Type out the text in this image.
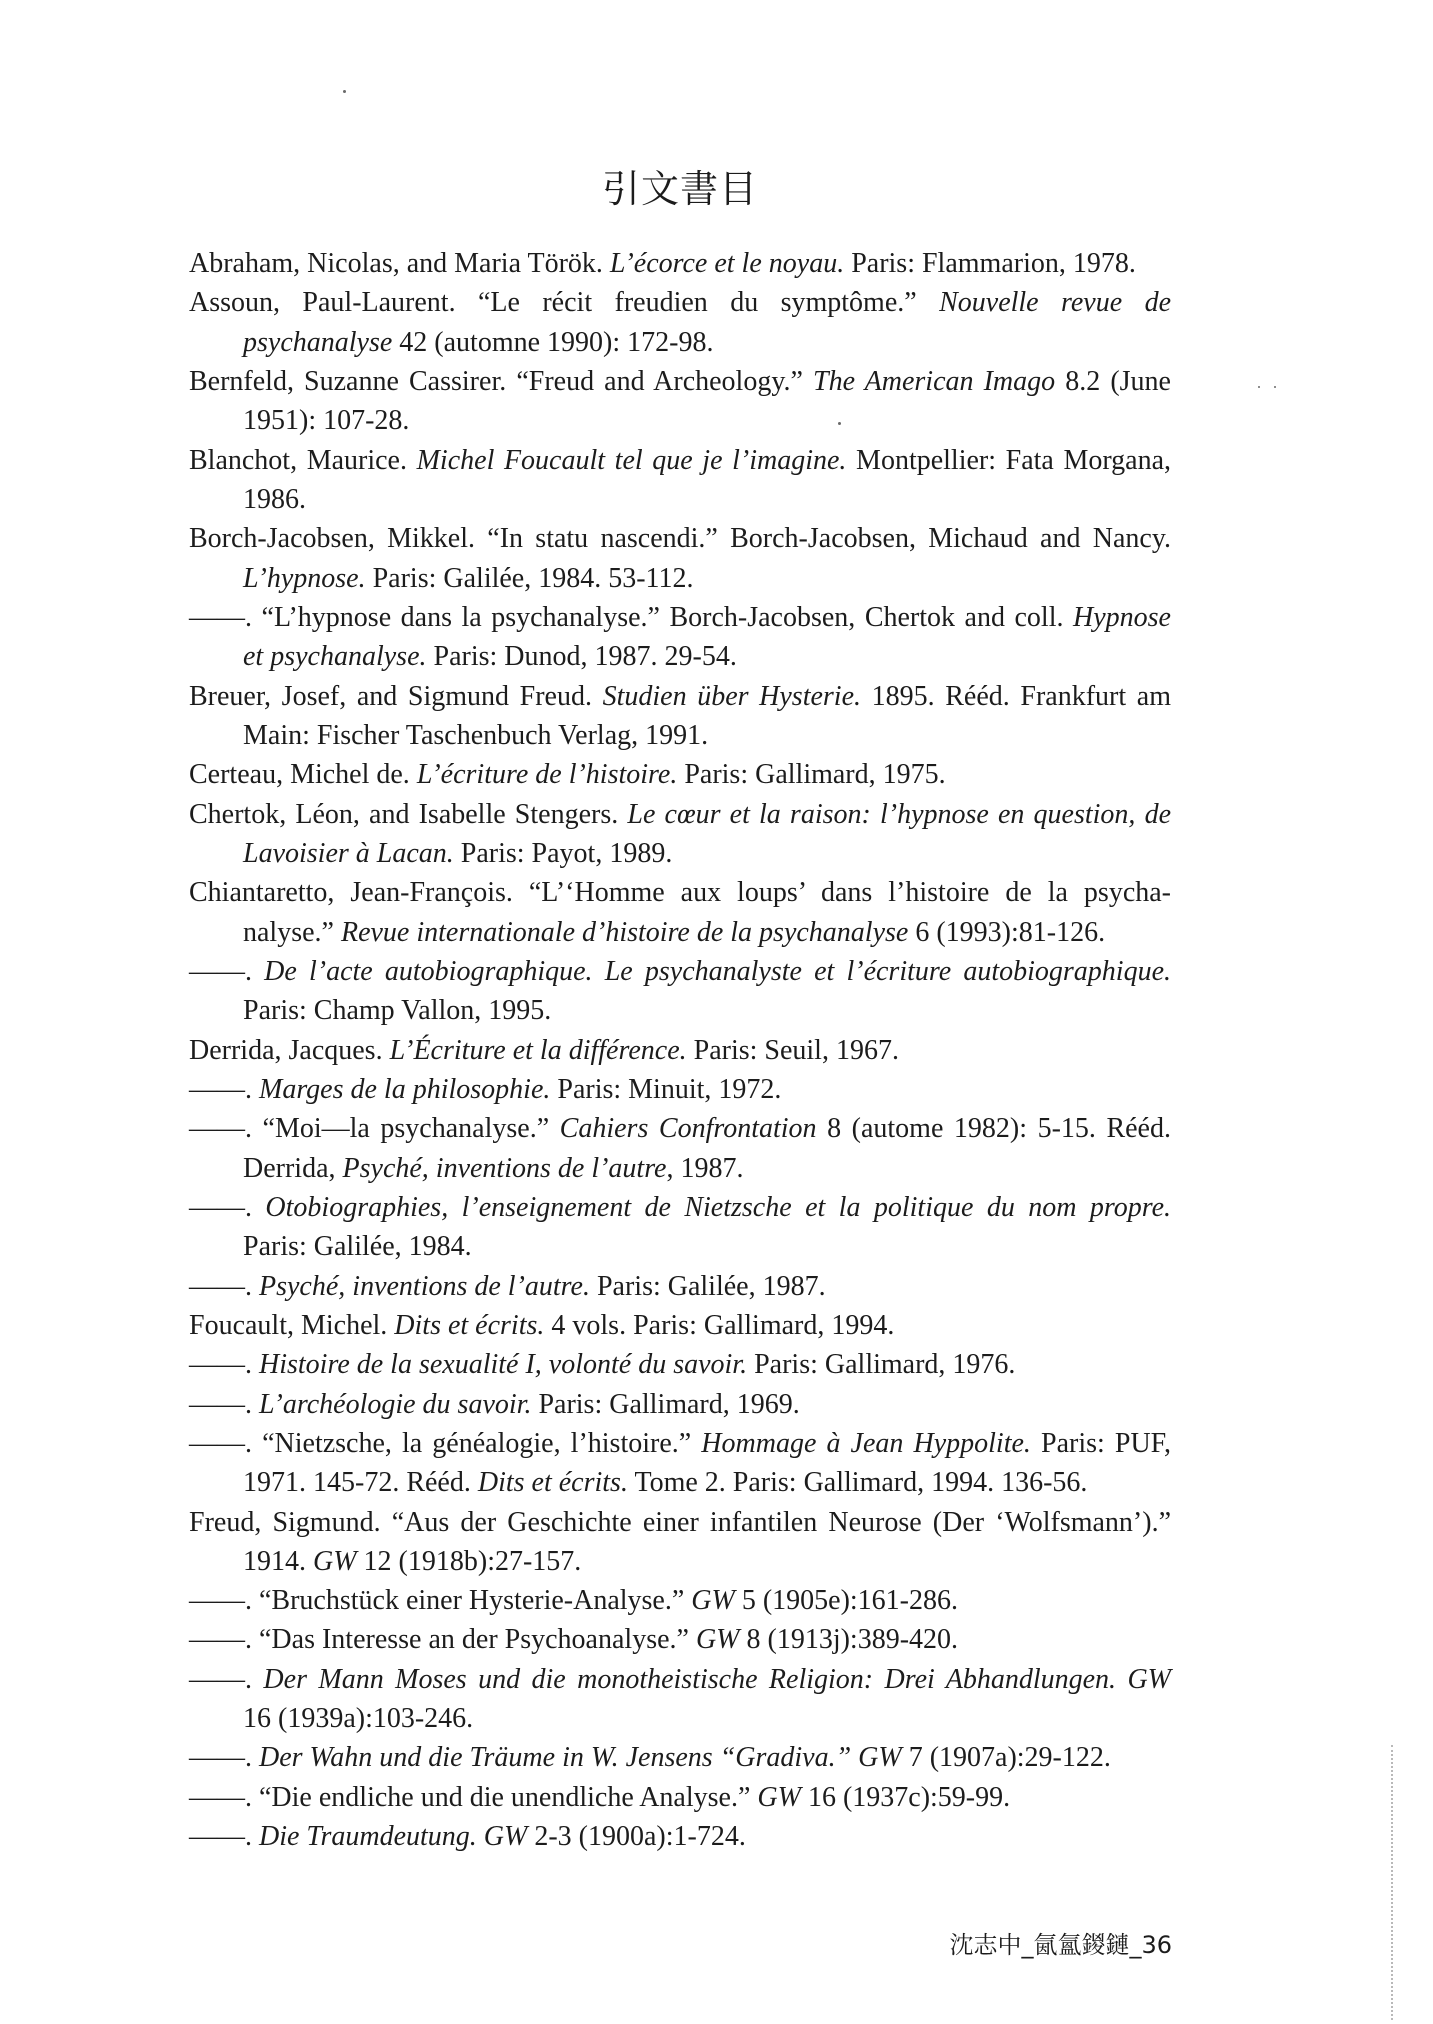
引文書目
Abraham, Nicolas, and Maria Török. L’écorce et le noyau. Paris: Flammarion, 1978.
Assoun, Paul-Laurent. “Le récit freudien du symptôme.” Nouvelle revue de
psychanalyse 42 (automne 1990): 172-98.
Bernfeld, Suzanne Cassirer. “Freud and Archeology.” The American Imago 8.2 (June
1951): 107-28.
Blanchot, Maurice. Michel Foucault tel que je l’imagine. Montpellier: Fata Morgana,
1986.
Borch-Jacobsen, Mikkel. “In statu nascendi.” Borch-Jacobsen, Michaud and Nancy.
L’hypnose. Paris: Galilée, 1984. 53-112.
——. “L’hypnose dans la psychanalyse.” Borch-Jacobsen, Chertok and coll. Hypnose
et psychanalyse. Paris: Dunod, 1987. 29-54.
Breuer, Josef, and Sigmund Freud. Studien über Hysterie. 1895. Rééd. Frankfurt am
Main: Fischer Taschenbuch Verlag, 1991.
Certeau, Michel de. L’écriture de l’histoire. Paris: Gallimard, 1975.
Chertok, Léon, and Isabelle Stengers. Le cœur et la raison: l’hypnose en question, de
Lavoisier à Lacan. Paris: Payot, 1989.
Chiantaretto, Jean-François. “L’‘Homme aux loups’ dans l’histoire de la psycha-
nalyse.” Revue internationale d’histoire de la psychanalyse 6 (1993):81-126.
——. De l’acte autobiographique. Le psychanalyste et l’écriture autobiographique.
Paris: Champ Vallon, 1995.
Derrida, Jacques. L’Écriture et la différence. Paris: Seuil, 1967.
——. Marges de la philosophie. Paris: Minuit, 1972.
——. “Moi—la psychanalyse.” Cahiers Confrontation 8 (autome 1982): 5-15. Rééd.
Derrida, Psyché, inventions de l’autre, 1987.
——. Otobiographies, l’enseignement de Nietzsche et la politique du nom propre.
Paris: Galilée, 1984.
——. Psyché, inventions de l’autre. Paris: Galilée, 1987.
Foucault, Michel. Dits et écrits. 4 vols. Paris: Gallimard, 1994.
——. Histoire de la sexualité I, volonté du savoir. Paris: Gallimard, 1976.
——. L’archéologie du savoir. Paris: Gallimard, 1969.
——. “Nietzsche, la généalogie, l’histoire.” Hommage à Jean Hyppolite. Paris: PUF,
1971. 145-72. Rééd. Dits et écrits. Tome 2. Paris: Gallimard, 1994. 136-56.
Freud, Sigmund. “Aus der Geschichte einer infantilen Neurose (Der ‘Wolfsmann’).”
1914. GW 12 (1918b):27-157.
——. “Bruchstück einer Hysterie-Analyse.” GW 5 (1905e):161-286.
——. “Das Interesse an der Psychoanalyse.” GW 8 (1913j):389-420.
——. Der Mann Moses und die monotheistische Religion: Drei Abhandlungen. GW
16 (1939a):103-246.
——. Der Wahn und die Träume in W. Jensens “Gradiva.” GW 7 (1907a):29-122.
——. “Die endliche und die unendliche Analyse.” GW 16 (1937c):59-99.
——. Die Traumdeutung. GW 2-3 (1900a):1-724.
沈志中_氤氳鍐鏈_36
